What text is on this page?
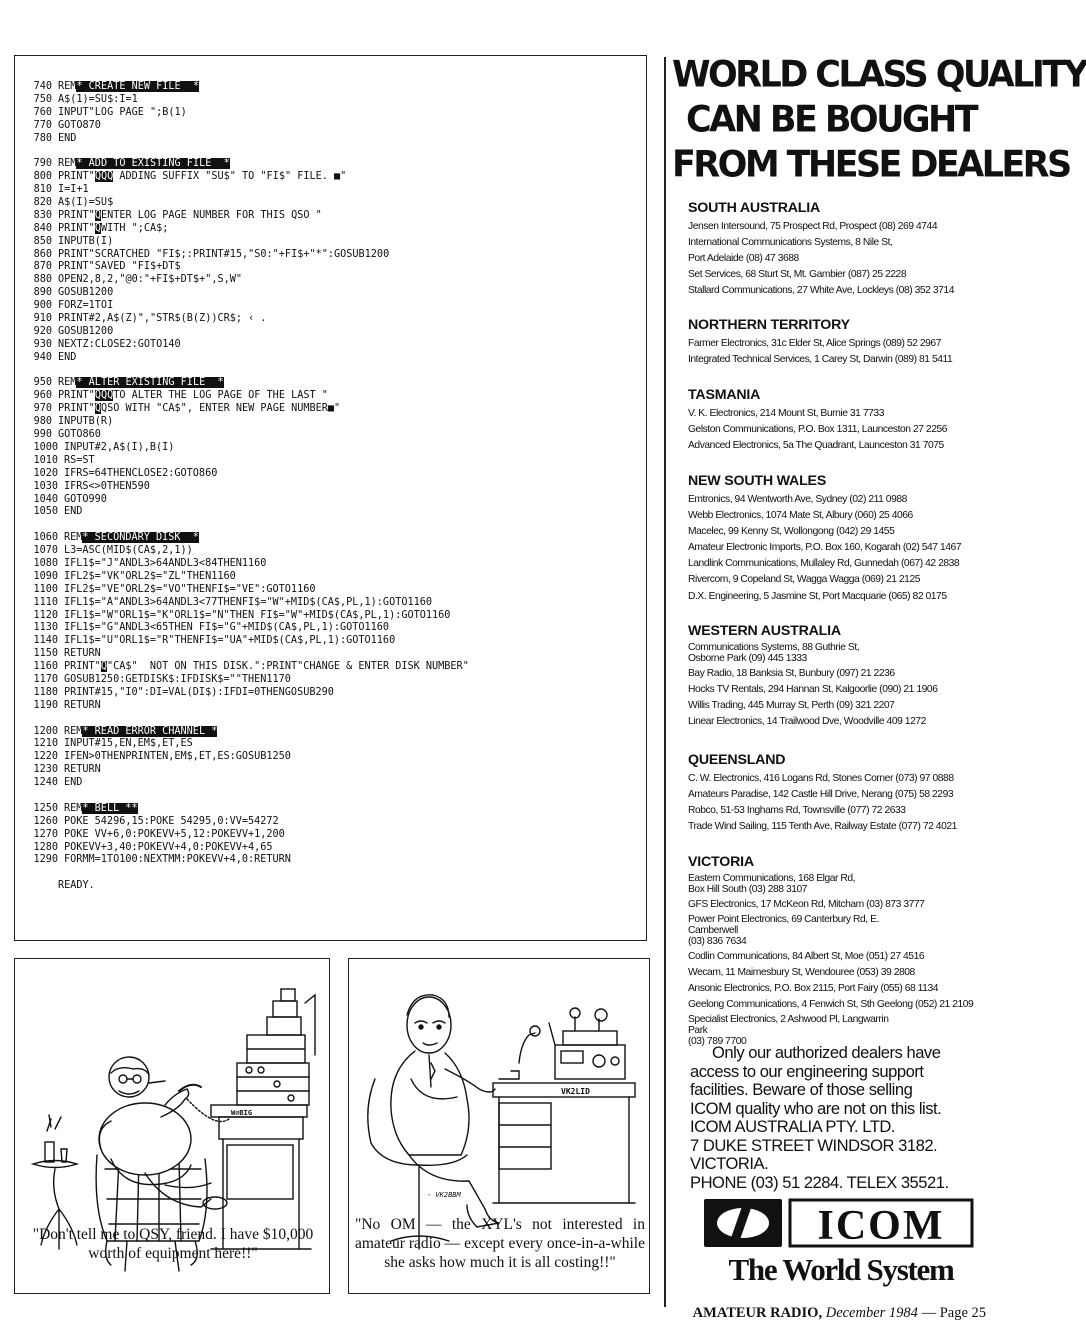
740 REM* CREATE NEW FILE  *
750 A$(1)=SU$:I=1
760 INPUT"LOG PAGE ";B(1)
770 GOTO870
780 END
790 REM* ADD TO EXISTING FILE  *
800 PRINT"QQQ ADDING SUFFIX "SU$" TO "FI$" FILE. ■"
810 I=I+1
820 A$(I)=SU$
830 PRINT"QENTER LOG PAGE NUMBER FOR THIS QSO "
840 PRINT"QWITH ";CA$;
850 INPUTB(I)
860 PRINT"SCRATCHED "FI$;:PRINT#15,"S0:"+FI$+"*":GOSUB1200
870 PRINT"SAVED "FI$+DT$
880 OPEN2,8,2,"@0:"+FI$+DT$+",S,W"
890 GOSUB1200
900 FORZ=1TOI
910 PRINT#2,A$(Z)","STR$(B(Z))CR$; ‹ .
920 GOSUB1200
930 NEXTZ:CLOSE2:GOTO140
940 END
950 REM* ALTER EXISTING FILE  *
960 PRINT"QQQTO ALTER THE LOG PAGE OF THE LAST "
970 PRINT"QQSO WITH "CA$", ENTER NEW PAGE NUMBER■"
980 INPUTB(R)
990 GOTO860
1000 INPUT#2,A$(I),B(I)
1010 RS=ST
1020 IFRS=64THENCLOSE2:GOTO860
1030 IFRS<>0THEN590
1040 GOTO990
1050 END
1060 REM* SECONDARY DISK  *
1070 L3=ASC(MID$(CA$,2,1))
1080 IFL1$="J"ANDL3>64ANDL3<84THEN1160
1090 IFL2$="VK"ORL2$="ZL"THEN1160
1100 IFL2$="VE"ORL2$="VO"THENFI$="VE":GOTO1160
1110 IFL1$="A"ANDL3>64ANDL3<77THENFI$="W"+MID$(CA$,PL,1):GOTO1160
1120 IFL1$="W"ORL1$="K"ORL1$="N"THEN FI$="W"+MID$(CA$,PL,1):GOTO1160
1130 IFL1$="G"ANDL3<65THEN FI$="G"+MID$(CA$,PL,1):GOTO1160
1140 IFL1$="U"ORL1$="R"THENFI$="UA"+MID$(CA$,PL,1):GOTO1160
1150 RETURN
1160 PRINT"Q"CA$"  NOT ON THIS DISK.":PRINT"CHANGE & ENTER DISK NUMBER"
1170 GOSUB1250:GETDISK$:IFDISK$=""THEN1170
1180 PRINT#15,"I0":DI=VAL(DI$):IFDI=0THENGOSUB290
1190 RETURN
1200 REM* READ ERROR CHANNEL *
1210 INPUT#15,EN,EM$,ET,ES
1220 IFEN>0THENPRINTEN,EM$,ET,ES:GOSUB1250
1230 RETURN
1240 END
1250 REM* BELL **
1260 POKE 54296,15:POKE 54295,0:VV=54272
1270 POKE VV+6,0:POKEVV+5,12:POKEVV+1,200
1280 POKEVV+3,40:POKEVV+4,0:POKEVV+4,65
1290 FORMM=1TO100:NEXTMM:POKEVV+4,0:RETURN
READY.
W∅BIG
"Don't tell me to QSY, friend. I have $10,000 worth of equipment here!!"
VK2LID
- VK2BBM
"No OM — the XYL's not interested in amateur radio — except every once-in-a-while she asks how much it is all costing!!"
WORLD CLASS QUALITY
CAN BE BOUGHT
FROM THESE DEALERS
SOUTH AUSTRALIA
Jensen Intersound, 75 Prospect Rd, Prospect (08) 269 4744
International Communications Systems, 8 Nile St,
Port Adelaide (08) 47 3688
Set Services, 68 Sturt St, Mt. Gambier (087) 25 2228
Stallard Communications, 27 White Ave, Lockleys (08) 352 3714
NORTHERN TERRITORY
Farmer Electronics, 31c Elder St, Alice Springs (089) 52 2967
Integrated Technical Services, 1 Carey St, Darwin (089) 81 5411
TASMANIA
V. K. Electronics, 214 Mount St, Burnie 31 7733
Gelston Communications, P.O. Box 1311, Launceston 27 2256
Advanced Electronics, 5a The Quadrant, Launceston 31 7075
NEW SOUTH WALES
Emtronics, 94 Wentworth Ave, Sydney (02) 211 0988
Webb Electronics, 1074 Mate St, Albury (060) 25 4066
Macelec, 99 Kenny St, Wollongong (042) 29 1455
Amateur Electronic Imports, P.O. Box 160, Kogarah (02) 547 1467
Landlink Communications, Mullaley Rd, Gunnedah (067) 42 2838
Rivercom, 9 Copeland St, Wagga Wagga (069) 21 2125
D.X. Engineering, 5 Jasmine St, Port Macquarie (065) 82 0175
WESTERN AUSTRALIA
Communications Systems, 88 Guthrie St,
Osborne Park (09) 445 1333
Bay Radio, 18 Banksia St, Bunbury (097) 21 2236
Hocks TV Rentals, 294 Hannan St, Kalgoorlie (090) 21 1906
Willis Trading, 445 Murray St, Perth (09) 321 2207
Linear Electronics, 14 Trailwood Dve, Woodville 409 1272
QUEENSLAND
C. W. Electronics, 416 Logans Rd, Stones Corner (073) 97 0888
Amateurs Paradise, 142 Castle Hill Drive, Nerang (075) 58 2293
Robco, 51-53 Inghams Rd, Townsville (077) 72 2633
Trade Wind Sailing, 115 Tenth Ave, Railway Estate (077) 72 4021
VICTORIA
Eastern Communications, 168 Elgar Rd,
Box Hill South (03) 288 3107
GFS Electronics, 17 McKeon Rd, Mitcham (03) 873 3777
Power Point Electronics, 69 Canterbury Rd, E. Camberwell
(03) 836 7634
Codlin Communications, 84 Albert St, Moe (051) 27 4516
Wecam, 11 Maimesbury St, Wendouree (053) 39 2808
Ansonic Electronics, P.O. Box 2115, Port Fairy (055) 68 1134
Geelong Communications, 4 Fenwich St, Sth Geelong (052) 21 2109
Specialist Electronics, 2 Ashwood Pl, Langwarrin Park
(03) 789 7700
Only our authorized dealers have
access to our engineering support
facilities. Beware of those selling
ICOM quality who are not on this list.
ICOM AUSTRALIA PTY. LTD.
7 DUKE STREET WINDSOR 3182.
VICTORIA.
PHONE (03) 51 2284. TELEX 35521.
ICOM
The World System
AMATEUR RADIO, December 1984 — Page 25
